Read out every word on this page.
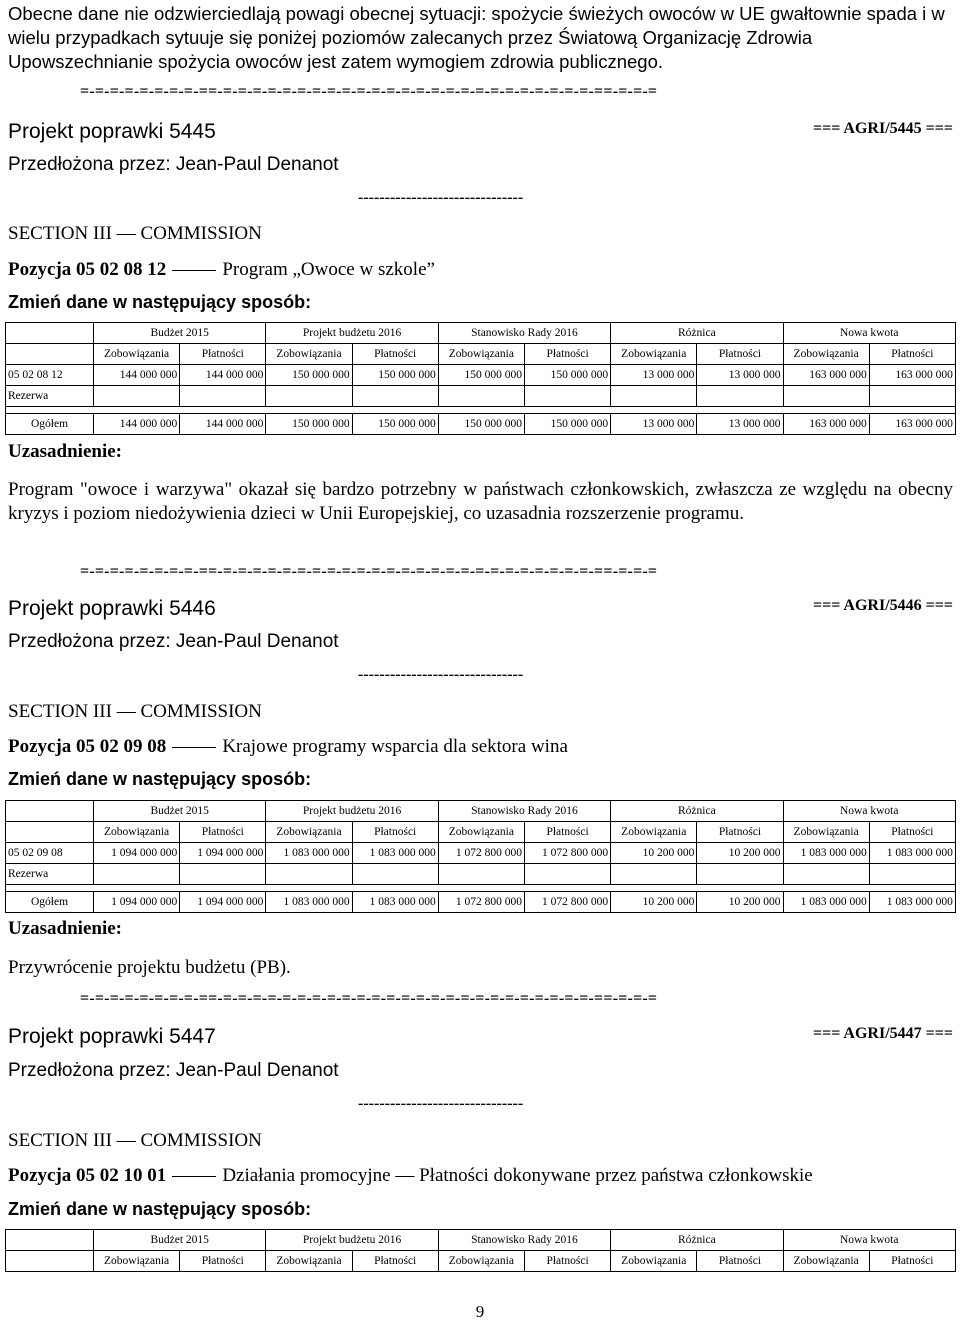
Obecne dane nie odzwierciedlają powagi obecnej sytuacji: spożycie świeżych owoców w UE gwałtownie spada i w wielu przypadkach sytuuje się poniżej poziomów zalecanych przez Światową Organizację Zdrowia Upowszechnianie spożycia owoców jest zatem wymogiem zdrowia publicznego.
=-=-=-=-=-=-=-=-==-=-=-=-=-=-=-=-=-=-=-=-=-=-=-=-=-=-=-=-=-=-=-=-=-=-==-=-=-=
Projekt poprawki 5445	=== AGRI/5445 ===
Przedłożona przez: Jean-Paul Denanot
-------------------------------
SECTION III — COMMISSION
Pozycja 05 02 08 12	Program „Owoce w szkole”
Zmień dane w następujący sposób:
	Budżet 2015		Projekt budżetu 2016		Stanowisko Rady 2016		Różnica		Nowa kwota	
	Zobowiązania	Płatności	Zobowiązania	Płatności	Zobowiązania	Płatności	Zobowiązania	Płatności	Zobowiązania	Płatności
05 02 08 12	144 000 000	144 000 000	150 000 000	150 000 000	150 000 000	150 000 000	13 000 000	13 000 000	163 000 000	163 000 000
Rezerwa										

Ogółem	144 000 000	144 000 000	150 000 000	150 000 000	150 000 000	150 000 000	13 000 000	13 000 000	163 000 000	163 000 000
Uzasadnienie:
Program "owoce i warzywa" okazał się bardzo potrzebny w państwach członkowskich, zwłaszcza ze względu na obecny kryzys i poziom niedożywienia dzieci w Unii Europejskiej, co uzasadnia rozszerzenie programu.
=-=-=-=-=-=-=-=-==-=-=-=-=-=-=-=-=-=-=-=-=-=-=-=-=-=-=-=-=-=-=-=-=-=-==-=-=-=
Projekt poprawki 5446	=== AGRI/5446 ===
Przedłożona przez: Jean-Paul Denanot
-------------------------------
SECTION III — COMMISSION
Pozycja 05 02 09 08	Krajowe programy wsparcia dla sektora wina
Zmień dane w następujący sposób:
	Budżet 2015		Projekt budżetu 2016		Stanowisko Rady 2016		Różnica		Nowa kwota	
	Zobowiązania	Płatności	Zobowiązania	Płatności	Zobowiązania	Płatności	Zobowiązania	Płatności	Zobowiązania	Płatności
05 02 09 08	1 094 000 000	1 094 000 000	1 083 000 000	1 083 000 000	1 072 800 000	1 072 800 000	10 200 000	10 200 000	1 083 000 000	1 083 000 000
Rezerwa										

Ogółem	1 094 000 000	1 094 000 000	1 083 000 000	1 083 000 000	1 072 800 000	1 072 800 000	10 200 000	10 200 000	1 083 000 000	1 083 000 000
Uzasadnienie:
Przywrócenie projektu budżetu (PB).
=-=-=-=-=-=-=-=-==-=-=-=-=-=-=-=-=-=-=-=-=-=-=-=-=-=-=-=-=-=-=-=-=-=-==-=-=-=
Projekt poprawki 5447	=== AGRI/5447 ===
Przedłożona przez: Jean-Paul Denanot
-------------------------------
SECTION III — COMMISSION
Pozycja 05 02 10 01	Działania promocyjne — Płatności dokonywane przez państwa członkowskie
Zmień dane w następujący sposób:
	Budżet 2015		Projekt budżetu 2016		Stanowisko Rady 2016		Różnica		Nowa kwota	
	Zobowiązania	Płatności	Zobowiązania	Płatności	Zobowiązania	Płatności	Zobowiązania	Płatności	Zobowiązania	Płatności
9
